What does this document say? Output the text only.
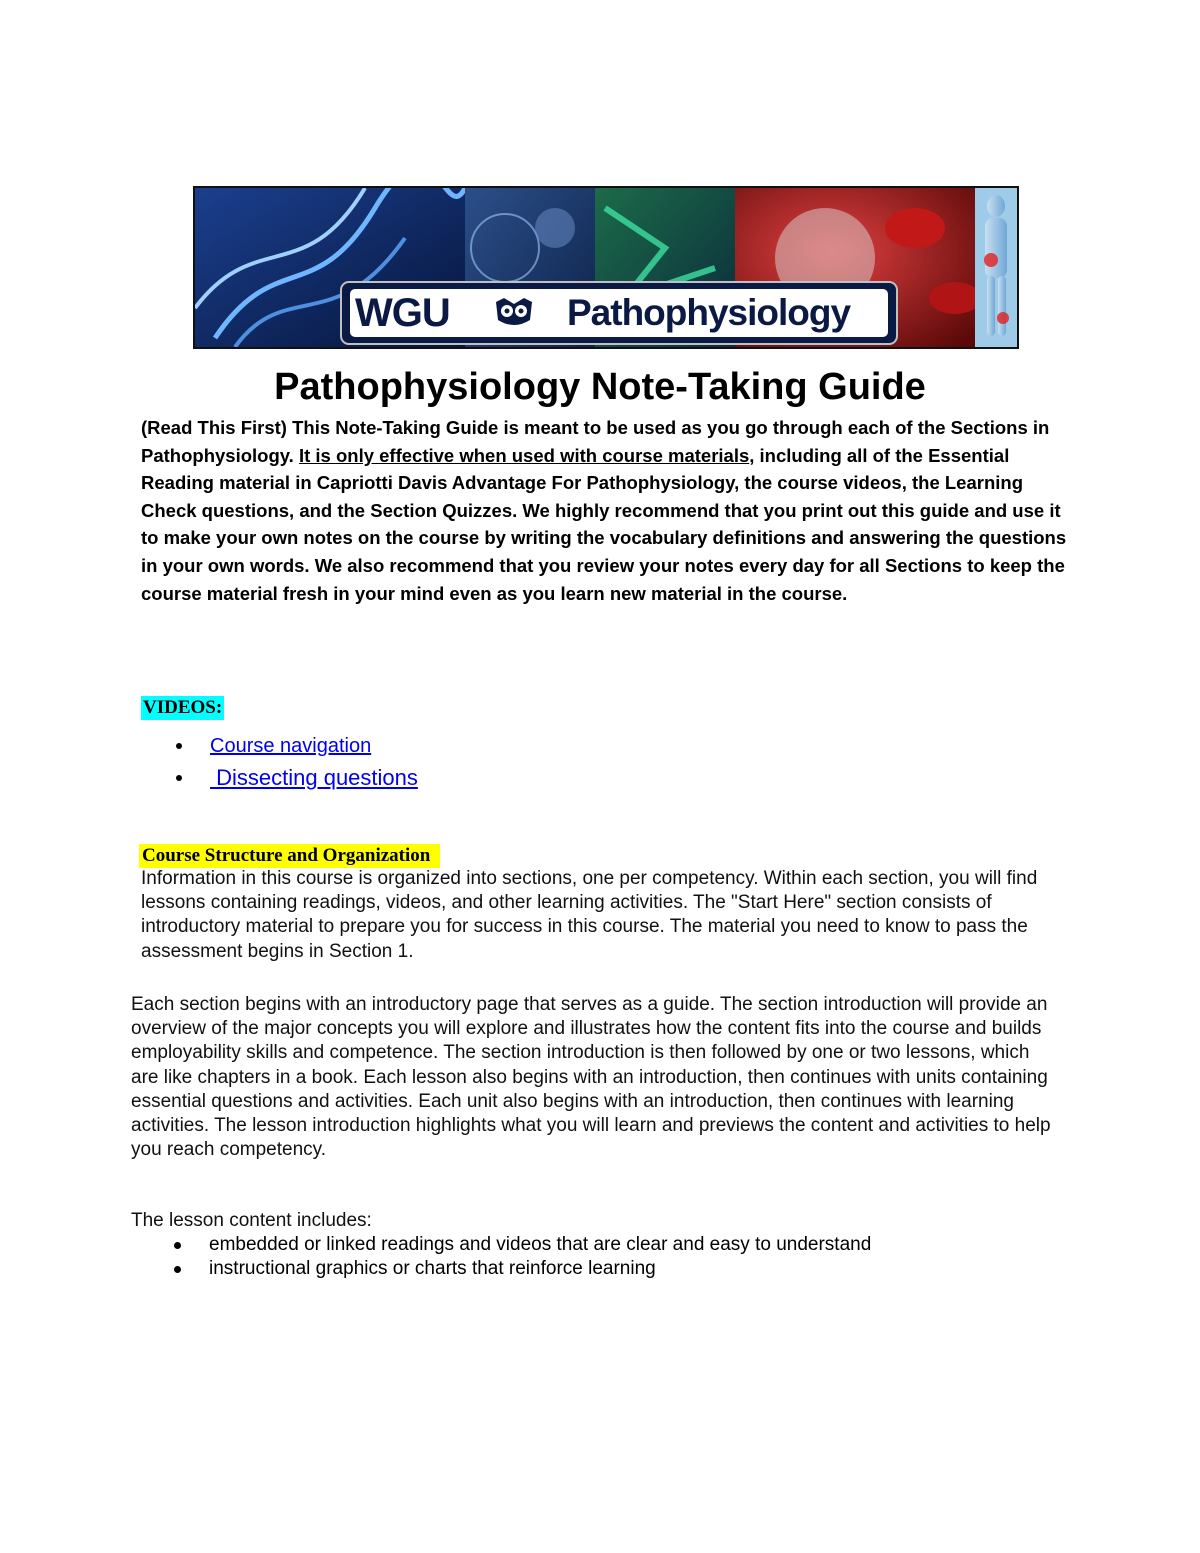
WGU	Pathophysiology
Pathophysiology Note-Taking Guide
(Read This First) This Note-Taking Guide is meant to be used as you go through each of the Sections in Pathophysiology. It is only effective when used with course materials, including all of the Essential Reading material in Capriotti Davis Advantage For Pathophysiology, the course videos, the Learning Check questions, and the Section Quizzes. We highly recommend that you print out this guide and use it to make your own notes on the course by writing the vocabulary definitions and answering the questions in your own words. We also recommend that you review your notes every day for all Sections to keep the course material fresh in your mind even as you learn new material in the course.
VIDEOS:
Course navigation
Dissecting questions
Course Structure and Organization
Information in this course is organized into sections, one per competency. Within each section, you will find lessons containing readings, videos, and other learning activities. The "Start Here" section consists of introductory material to prepare you for success in this course. The material you need to know to pass the assessment begins in Section 1.
Each section begins with an introductory page that serves as a guide. The section introduction will provide an overview of the major concepts you will explore and illustrates how the content fits into the course and builds employability skills and competence. The section introduction is then followed by one or two lessons, which are like chapters in a book. Each lesson also begins with an introduction, then continues with units containing essential questions and activities. Each unit also begins with an introduction, then continues with learning activities. The lesson introduction highlights what you will learn and previews the content and activities to help you reach competency.
The lesson content includes:
embedded or linked readings and videos that are clear and easy to understand
instructional graphics or charts that reinforce learning
